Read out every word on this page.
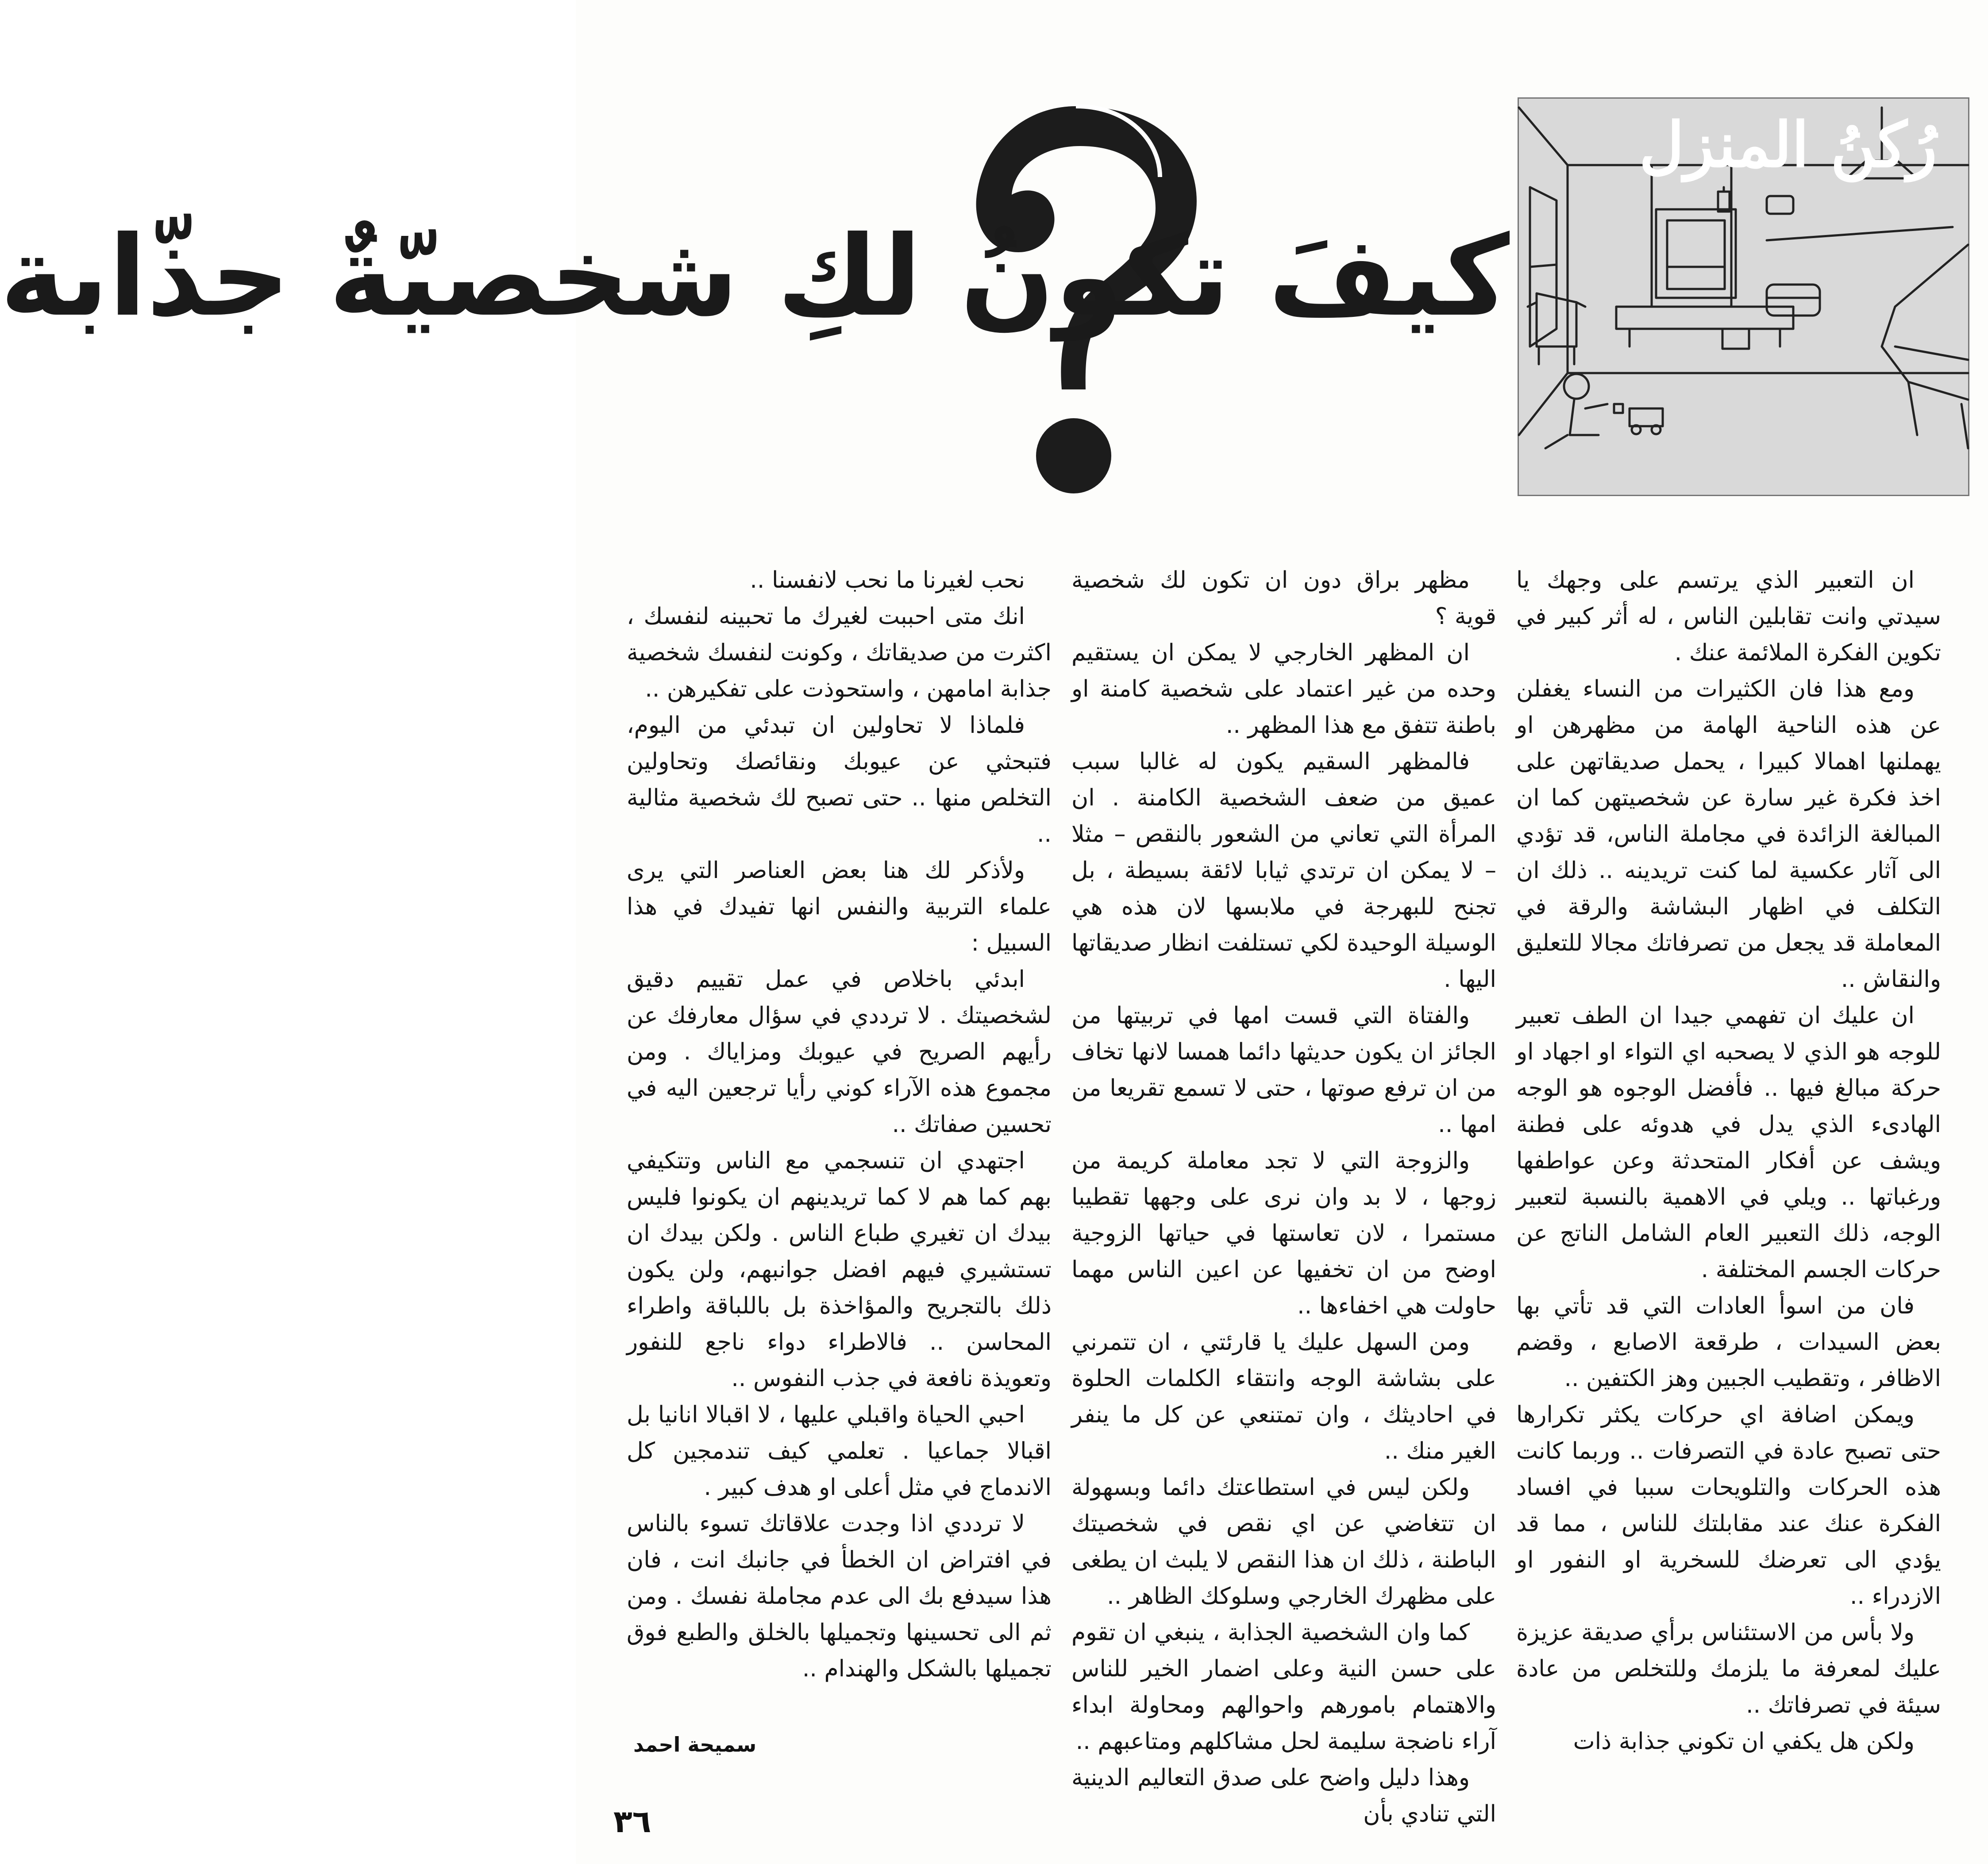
رُكنُ المنزل
كيفَ تكونُ لكِ شخصيّةٌ جذّابة

ان التعبير الذي يرتسم على وجهك يا سيدتي وانت تقابلين الناس ، له أثر كبير في تكوين الفكرة الملائمة عنك .

ومع هذا فان الكثيرات من النساء يغفلن عن هذه الناحية الهامة من مظهرهن او يهملنها اهمالا كبيرا ، يحمل صديقاتهن على اخذ فكرة غير سارة عن شخصيتهن كما ان المبالغة الزائدة في مجاملة الناس، قد تؤدي الى آثار عكسية لما كنت تريدينه .. ذلك ان التكلف في اظهار البشاشة والرقة في المعاملة قد يجعل من تصرفاتك مجالا للتعليق والنقاش ..

ان عليك ان تفهمي جيدا ان الطف تعبير للوجه هو الذي لا يصحبه اي التواء او اجهاد او حركة مبالغ فيها .. فأفضل الوجوه هو الوجه الهادىء الذي يدل في هدوئه على فطنة ويشف عن أفكار المتحدثة وعن عواطفها ورغباتها .. ويلي في الاهمية بالنسبة لتعبير الوجه، ذلك التعبير العام الشامل الناتج عن حركات الجسم المختلفة .

فان من اسوأ العادات التي قد تأتي بها بعض السيدات ، طرقعة الاصابع ، وقضم الاظافر ، وتقطيب الجبين وهز الكتفين ..

ويمكن اضافة اي حركات يكثر تكرارها حتى تصبح عادة في التصرفات .. وربما كانت هذه الحركات والتلويحات سببا في افساد الفكرة عنك عند مقابلتك للناس ، مما قد يؤدي الى تعرضك للسخرية او النفور او الازدراء ..

ولا بأس من الاستئناس برأي صديقة عزيزة عليك لمعرفة ما يلزمك وللتخلص من عادة سيئة في تصرفاتك ..

ولكن هل يكفي ان تكوني جذابة ذات

مظهر براق دون ان تكون لك شخصية قوية ؟

ان المظهر الخارجي لا يمكن ان يستقيم وحده من غير اعتماد على شخصية كامنة او باطنة تتفق مع هذا المظهر ..

فالمظهر السقيم يكون له غالبا سبب عميق من ضعف الشخصية الكامنة . ان المرأة التي تعاني من الشعور بالنقص – مثلا – لا يمكن ان ترتدي ثيابا لائقة بسيطة ، بل تجنح للبهرجة في ملابسها لان هذه هي الوسيلة الوحيدة لكي تستلفت انظار صديقاتها اليها .

والفتاة التي قست امها في تربيتها من الجائز ان يكون حديثها دائما همسا لانها تخاف من ان ترفع صوتها ، حتى لا تسمع تقريعا من امها ..

والزوجة التي لا تجد معاملة كريمة من زوجها ، لا بد وان نرى على وجهها تقطيبا مستمرا ، لان تعاستها في حياتها الزوجية اوضح من ان تخفيها عن اعين الناس مهما حاولت هي اخفاءها ..

ومن السهل عليك يا قارئتي ، ان تتمرني على بشاشة الوجه وانتقاء الكلمات الحلوة في احاديثك ، وان تمتنعي عن كل ما ينفر الغير منك ..

ولكن ليس في استطاعتك دائما وبسهولة ان تتغاضي عن اي نقص في شخصيتك الباطنة ، ذلك ان هذا النقص لا يلبث ان يطغى على مظهرك الخارجي وسلوكك الظاهر ..

كما وان الشخصية الجذابة ، ينبغي ان تقوم على حسن النية وعلى اضمار الخير للناس والاهتمام بامورهم واحوالهم ومحاولة ابداء آراء ناضجة سليمة لحل مشاكلهم ومتاعبهم ..

وهذا دليل واضح على صدق التعاليم الدينية التي تنادي بأن

نحب لغيرنا ما نحب لانفسنا ..

انك متى احببت لغيرك ما تحبينه لنفسك ، اكثرت من صديقاتك ، وكونت لنفسك شخصية جذابة امامهن ، واستحوذت على تفكيرهن ..

فلماذا لا تحاولين ان تبدئي من اليوم، فتبحثي عن عيوبك ونقائصك وتحاولين التخلص منها .. حتى تصبح لك شخصية مثالية ..

ولأذكر لك هنا بعض العناصر التي يرى علماء التربية والنفس انها تفيدك في هذا السبيل :

ابدئي باخلاص في عمل تقييم دقيق لشخصيتك . لا ترددي في سؤال معارفك عن رأيهم الصريح في عيوبك ومزاياك . ومن مجموع هذه الآراء كوني رأيا ترجعين اليه في تحسين صفاتك ..

اجتهدي ان تنسجمي مع الناس وتتكيفي بهم كما هم لا كما تريدينهم ان يكونوا فليس بيدك ان تغيري طباع الناس . ولكن بيدك ان تستشيري فيهم افضل جوانبهم، ولن يكون ذلك بالتجريح والمؤاخذة بل باللباقة واطراء المحاسن .. فالاطراء دواء ناجع للنفور وتعويذة نافعة في جذب النفوس ..

احبي الحياة واقبلي عليها ، لا اقبالا انانيا بل اقبالا جماعيا . تعلمي كيف تندمجين كل الاندماج في مثل أعلى او هدف كبير .

لا ترددي اذا وجدت علاقاتك تسوء بالناس في افتراض ان الخطأ في جانبك انت ، فان هذا سيدفع بك الى عدم مجاملة نفسك . ومن ثم الى تحسينها وتجميلها بالخلق والطبع فوق تجميلها بالشكل والهندام ..

سميحة احمد
٣٦
